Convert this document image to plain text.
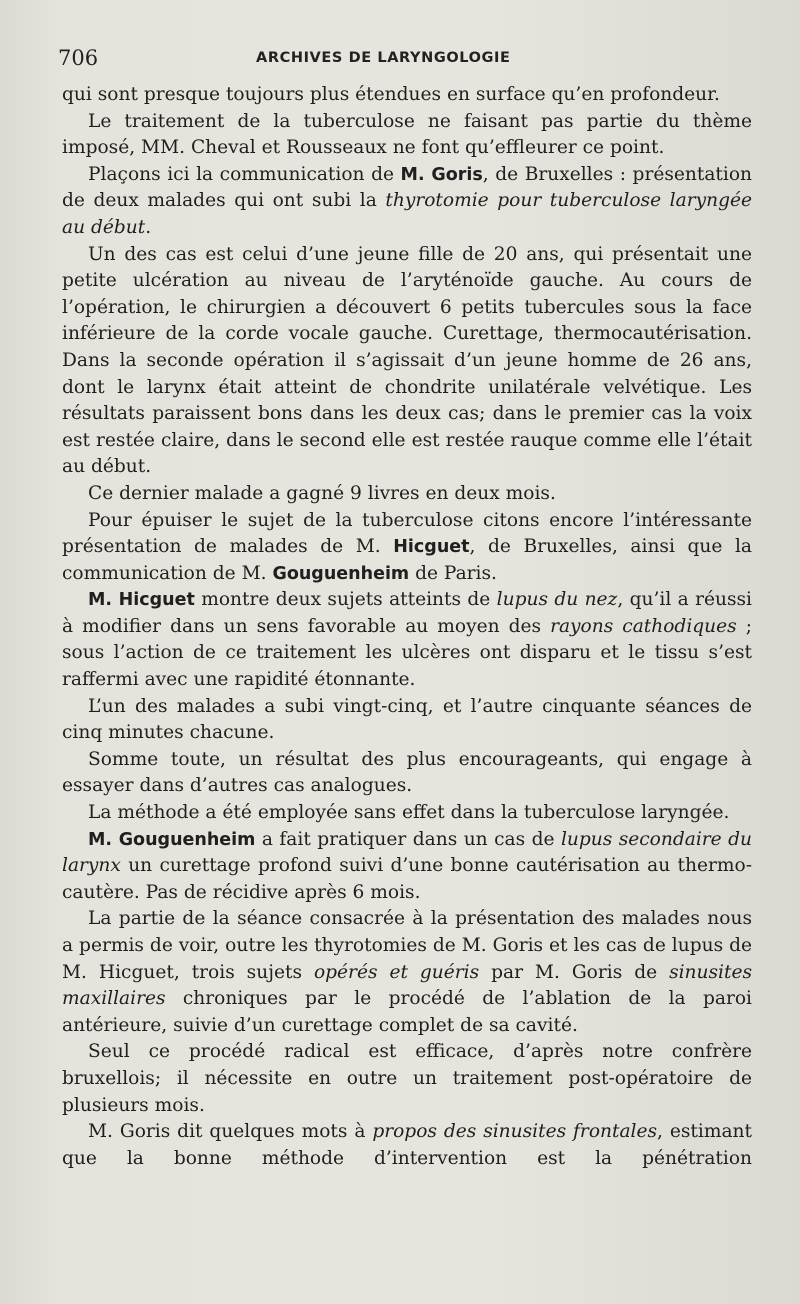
706	ARCHIVES DE LARYNGOLOGIE

qui sont presque toujours plus étendues en surface qu’en profondeur.

Le traitement de la tuberculose ne faisant pas partie du thème imposé, MM. Cheval et Rousseaux ne font qu’effleurer ce point.

Plaçons ici la communication de M. Goris, de Bruxelles : présentation de deux malades qui ont subi la thyrotomie pour tuberculose laryngée au début.

Un des cas est celui d’une jeune fille de 20 ans, qui présentait une petite ulcération au niveau de l’aryténoïde gauche. Au cours de l’opération, le chirurgien a découvert 6 petits tubercules sous la face inférieure de la corde vocale gauche. Curettage, thermocautérisation. Dans la seconde opération il s’agissait d’un jeune homme de 26 ans, dont le larynx était atteint de chondrite unilatérale velvétique. Les résultats paraissent bons dans les deux cas; dans le premier cas la voix est restée claire, dans le second elle est restée rauque comme elle l’était au début.

Ce dernier malade a gagné 9 livres en deux mois.

Pour épuiser le sujet de la tuberculose citons encore l’intéressante présentation de malades de M. Hicguet, de Bruxelles, ainsi que la communication de M. Gouguenheim de Paris.

M. Hicguet montre deux sujets atteints de lupus du nez, qu’il a réussi à modifier dans un sens favorable au moyen des rayons cathodiques ; sous l’action de ce traitement les ulcères ont disparu et le tissu s’est raffermi avec une rapidité étonnante.

L’un des malades a subi vingt-cinq, et l’autre cinquante séances de cinq minutes chacune.

Somme toute, un résultat des plus encourageants, qui engage à essayer dans d’autres cas analogues.

La méthode a été employée sans effet dans la tuberculose laryngée.

M. Gouguenheim a fait pratiquer dans un cas de lupus secondaire du larynx un curettage profond suivi d’une bonne cautérisation au thermo-cautère. Pas de récidive après 6 mois.

La partie de la séance consacrée à la présentation des malades nous a permis de voir, outre les thyrotomies de M. Goris et les cas de lupus de M. Hicguet, trois sujets opérés et guéris par M. Goris de sinusites maxillaires chroniques par le procédé de l’ablation de la paroi antérieure, suivie d’un curettage complet de sa cavité.

Seul ce procédé radical est efficace, d’après notre confrère bruxellois; il nécessite en outre un traitement post-opératoire de plusieurs mois.

M. Goris dit quelques mots à propos des sinusites frontales, estimant que la bonne méthode d’intervention est la pénétration
